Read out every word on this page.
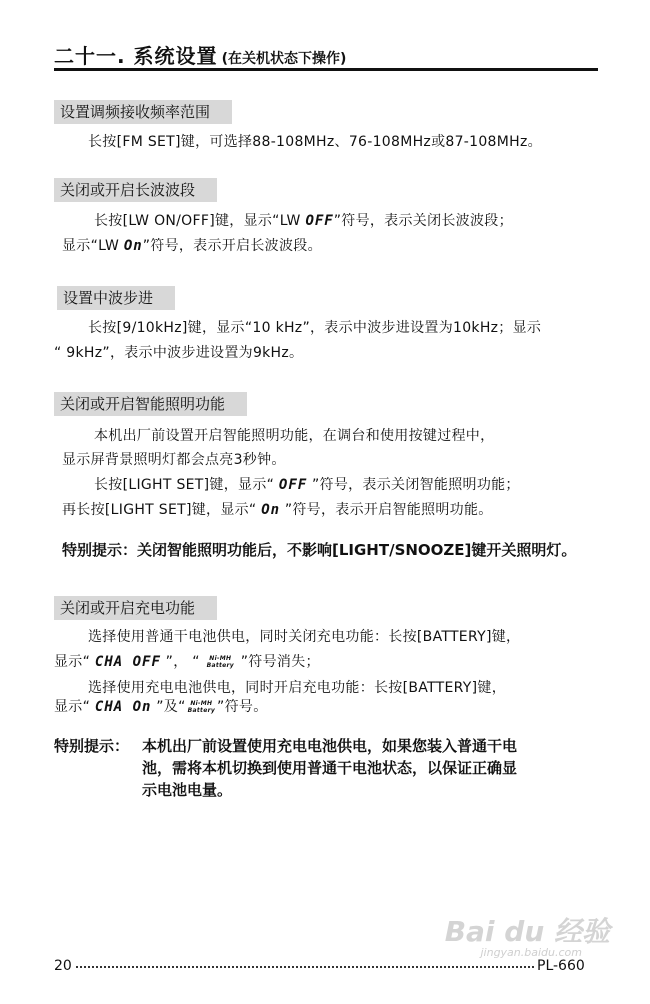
二十一. 系统设置 (在关机状态下操作)
设置调频接收频率范围
长按[FM SET]键，可选择88-108MHz、76-108MHz或87-108MHz。
关闭或开启长波波段
长按[LW ON/OFF]键，显示“LW OFF”符号，表示关闭长波波段；
显示“LW On”符号，表示开启长波波段。
设置中波步进
长按[9/10kHz]键，显示“10 kHz”，表示中波步进设置为10kHz；显示
“ 9kHz”，表示中波步进设置为9kHz。
关闭或开启智能照明功能
本机出厂前设置开启智能照明功能，在调台和使用按键过程中，
显示屏背景照明灯都会点亮3秒钟。
长按[LIGHT SET]键，显示“ OFF ”符号，表示关闭智能照明功能；
再长按[LIGHT SET]键，显示“ On ”符号，表示开启智能照明功能。
特别提示：关闭智能照明功能后，不影响[LIGHT/SNOOZE]键开关照明灯。
关闭或开启充电功能
选择使用普通干电池供电，同时关闭充电功能：长按[BATTERY]键，
显示“ CHA OFF ”， “ Ni-MH
Battery ”符号消失；
选择使用充电电池供电，同时开启充电功能：长按[BATTERY]键，
显示“ CHA On ”及“ Ni-MH
Battery ”符号。
特别提示： 本机出厂前设置使用充电电池供电，如果您装入普通干电
池，需将本机切换到使用普通干电池状态，以保证正确显
示电池电量。
Bai du 经验
jingyan.baidu.com
20	PL-660
